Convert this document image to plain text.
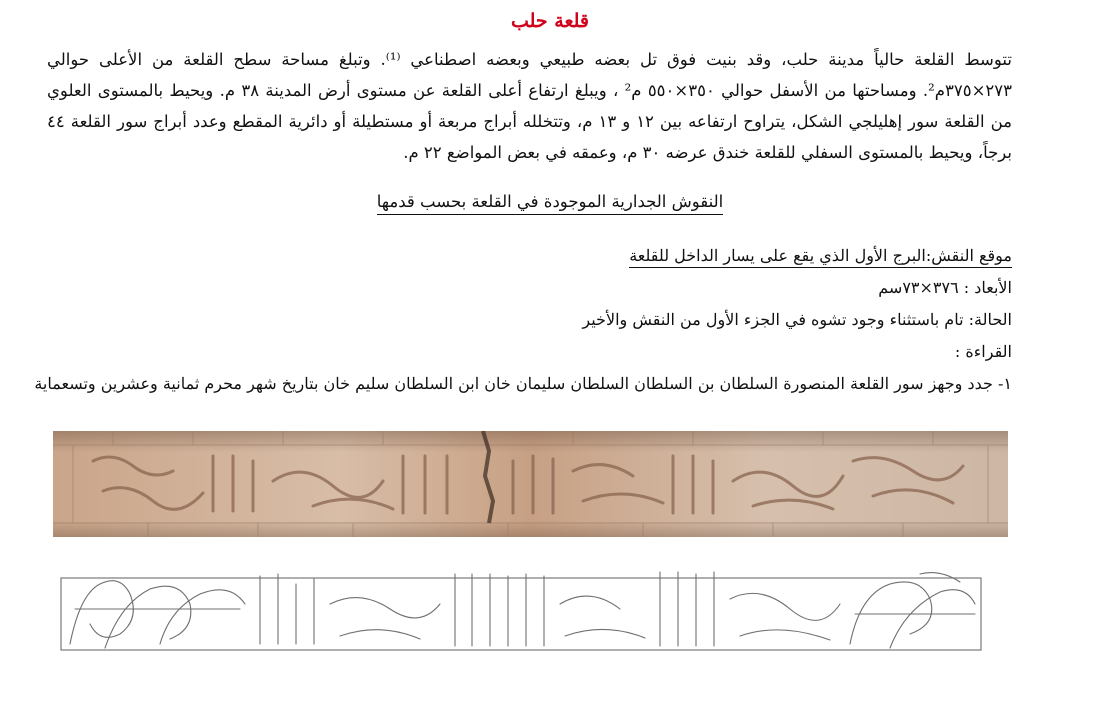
قلعة حلب
تتوسط القلعة حالياً مدينة حلب، وقد بنيت فوق تل بعضه طبيعي وبعضه اصطناعي ⁽¹⁾. وتبلغ مساحة سطح القلعة من الأعلى حوالي ٢٧٣×٣٧٥م². ومساحتها من الأسفل حوالي ٣٥٠×٥٥٠ م² ، ويبلغ ارتفاع أعلى القلعة عن مستوى أرض المدينة ٣٨ م. ويحيط بالمستوى العلوي من القلعة سور إهليلجي الشكل، يتراوح ارتفاعه بين ١٢ و ١٣ م، وتتخلله أبراج مربعة أو مستطيلة أو دائرية المقطع وعدد أبراج سور القلعة ٤٤ برجاً، ويحيط بالمستوى السفلي للقلعة خندق عرضه ٣٠ م، وعمقه في بعض المواضع ٢٢ م.
النقوش الجدارية الموجودة في القلعة بحسب قدمها
موقع النقش:البرج الأول الذي يقع على يسار الداخل للقلعة
الأبعاد : ٣٧٦×٧٣سم
الحالة: تام باستثناء وجود تشوه في الجزء الأول من النقش والأخير
القراءة :
١- جدد وجهز سور القلعة المنصورة السلطان بن السلطان السلطان سليمان خان ابن السلطان سليم خان بتاريخ شهر محرم ثمانية وعشرين وتسعماية
